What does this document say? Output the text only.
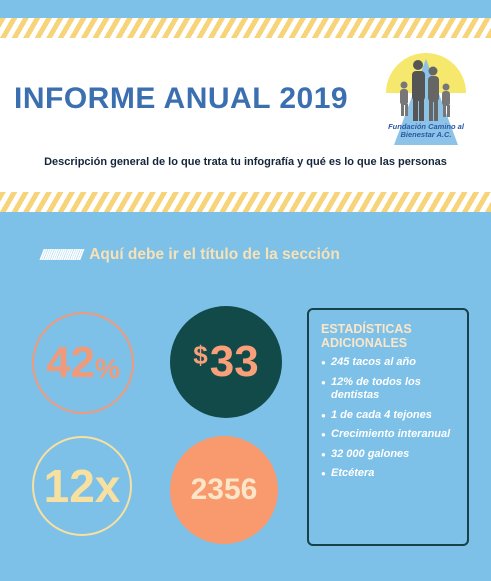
INFORME ANUAL 2019
Fundación Camino al Bienestar A.C.
Descripción general de lo que trata tu infografía y qué es lo que las personas
/////////////////// Aquí debe ir el título de la sección
42 %	$ 33
12x 2356
ESTADÍSTICAS ADICIONALES
● 245 tacos al año
● 12% de todos los dentistas
● 1 de cada 4 tejones
● Crecimiento interanual
● 32 000 galones
● Etcétera
